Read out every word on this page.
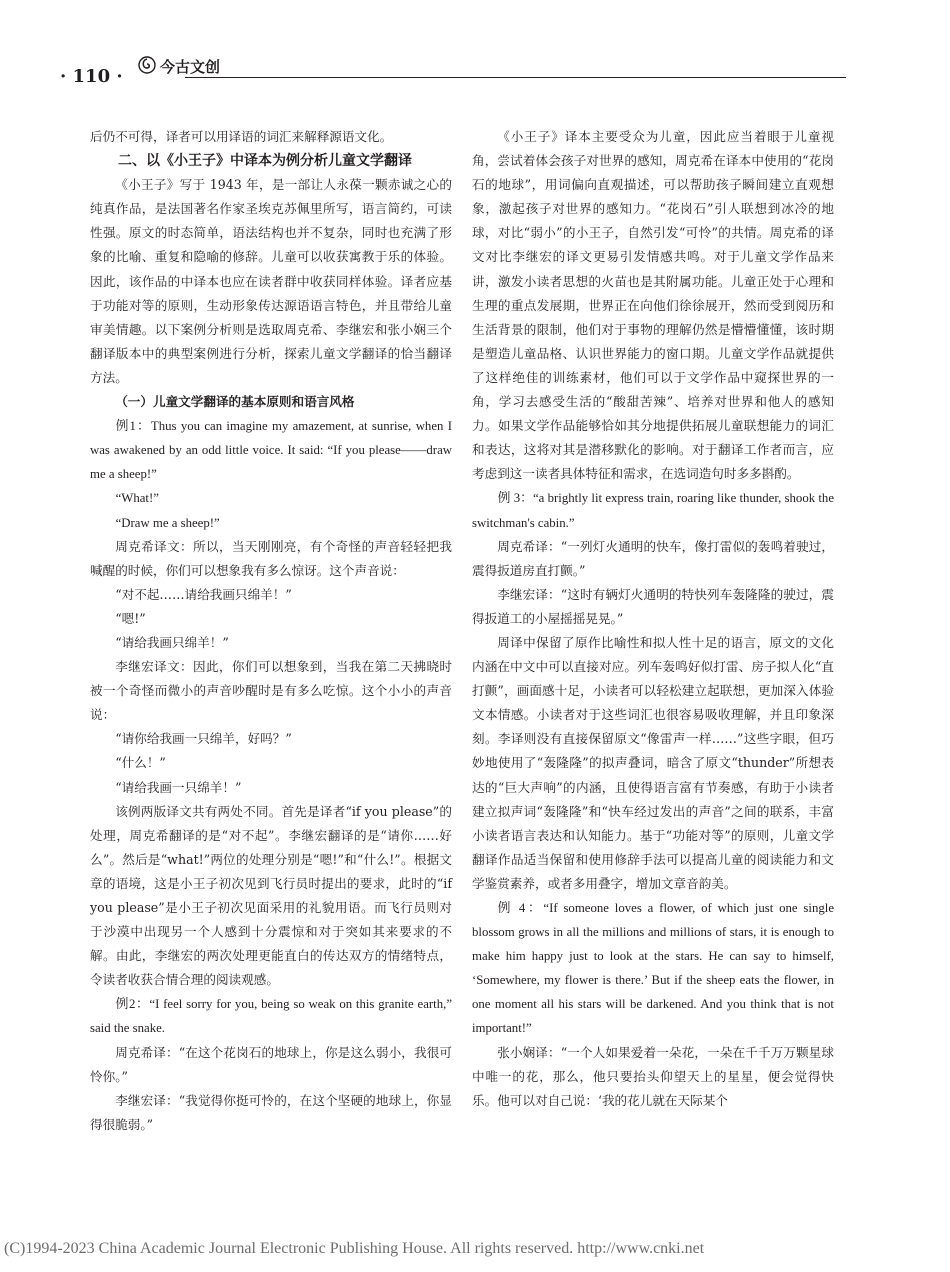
· 110 · 今古文创

后仍不可得，译者可以用译语的词汇来解释源语文化。

二、以《小王子》中译本为例分析儿童文学翻译

《小王子》写于 1943 年，是一部让人永葆一颗赤诚之心的纯真作品，是法国著名作家圣埃克苏佩里所写，语言简约，可读性强。原文的时态简单，语法结构也并不复杂，同时也充满了形象的比喻、重复和隐喻的修辞。儿童可以收获寓教于乐的体验。因此，该作品的中译本也应在读者群中收获同样体验。译者应基于功能对等的原则，生动形象传达源语语言特色，并且带给儿童审美情趣。以下案例分析则是选取周克希、李继宏和张小娴三个翻译版本中的典型案例进行分析，探索儿童文学翻译的恰当翻译方法。

（一）儿童文学翻译的基本原则和语言风格

例1：Thus you can imagine my amazement, at sunrise, when I was awakened by an odd little voice. It said: “If you please——draw me a sheep!”

“What!”

“Draw me a sheep!”

周克希译文：所以，当天刚刚亮，有个奇怪的声音轻轻把我喊醒的时候，你们可以想象我有多么惊讶。这个声音说：

“对不起……请给我画只绵羊！”

“嗯!”

“请给我画只绵羊！”

李继宏译文：因此，你们可以想象到，当我在第二天拂晓时被一个奇怪而微小的声音吵醒时是有多么吃惊。这个小小的声音说：

“请你给我画一只绵羊，好吗？”

“什么！”

“请给我画一只绵羊！”

该例两版译文共有两处不同。首先是译者“if you please”的处理，周克希翻译的是“对不起”。李继宏翻译的是“请你……好么”。然后是“what!”两位的处理分别是“嗯!”和“什么!”。根据文章的语境，这是小王子初次见到飞行员时提出的要求，此时的“if you please”是小王子初次见面采用的礼貌用语。而飞行员则对于沙漠中出现另一个人感到十分震惊和对于突如其来要求的不解。由此，李继宏的两次处理更能直白的传达双方的情绪特点，令读者收获合情合理的阅读观感。

例2：“I feel sorry for you, being so weak on this granite earth,” said the snake.

周克希译：“在这个花岗石的地球上，你是这么弱小，我很可怜你。”

李继宏译：“我觉得你挺可怜的，在这个坚硬的地球上，你显得很脆弱。”

《小王子》译本主要受众为儿童，因此应当着眼于儿童视角，尝试着体会孩子对世界的感知，周克希在译本中使用的“花岗石的地球”，用词偏向直观描述，可以帮助孩子瞬间建立直观想象，激起孩子对世界的感知力。“花岗石”引人联想到冰冷的地球，对比“弱小”的小王子，自然引发“可怜”的共情。周克希的译文对比李继宏的译文更易引发情感共鸣。对于儿童文学作品来讲，激发小读者思想的火苗也是其附属功能。儿童正处于心理和生理的重点发展期，世界正在向他们徐徐展开，然而受到阅历和生活背景的限制，他们对于事物的理解仍然是懵懵懂懂，该时期是塑造儿童品格、认识世界能力的窗口期。儿童文学作品就提供了这样绝佳的训练素材，他们可以于文学作品中窥探世界的一角，学习去感受生活的“酸甜苦辣”、培养对世界和他人的感知力。如果文学作品能够恰如其分地提供拓展儿童联想能力的词汇和表达，这将对其是潜移默化的影响。对于翻译工作者而言，应考虑到这一读者具体特征和需求，在选词造句时多多斟酌。

例 3：“a brightly lit express train, roaring like thunder, shook the switchman's cabin.”

周克希译：“一列灯火通明的快车，像打雷似的轰鸣着驶过，震得扳道房直打颤。”

李继宏译：“这时有辆灯火通明的特快列车轰隆隆的驶过，震得扳道工的小屋摇摇晃晃。”

周译中保留了原作比喻性和拟人性十足的语言，原文的文化内涵在中文中可以直接对应。列车轰鸣好似打雷、房子拟人化“直打颤”，画面感十足，小读者可以轻松建立起联想，更加深入体验文本情感。小读者对于这些词汇也很容易吸收理解，并且印象深刻。李译则没有直接保留原文“像雷声一样……”这些字眼，但巧妙地使用了“轰隆隆”的拟声叠词，暗含了原文“thunder”所想表达的“巨大声响”的内涵，且使得语言富有节奏感，有助于小读者建立拟声词“轰隆隆”和“快车经过发出的声音”之间的联系，丰富小读者语言表达和认知能力。基于“功能对等”的原则，儿童文学翻译作品适当保留和使用修辞手法可以提高儿童的阅读能力和文学鉴赏素养，或者多用叠字，增加文章音韵美。

例 4：“If someone loves a flower, of which just one single blossom grows in all the millions and millions of stars, it is enough to make him happy just to look at the stars. He can say to himself, ‘Somewhere, my flower is there.’ But if the sheep eats the flower, in one moment all his stars will be darkened. And you think that is not important!”

张小娴译：“一个人如果爱着一朵花，一朵在千千万万颗星球中唯一的花，那么，他只要抬头仰望天上的星星，便会觉得快乐。他可以对自己说：‘我的花儿就在天际某个

(C)1994-2023 China Academic Journal Electronic Publishing House. All rights reserved. http://www.cnki.net
